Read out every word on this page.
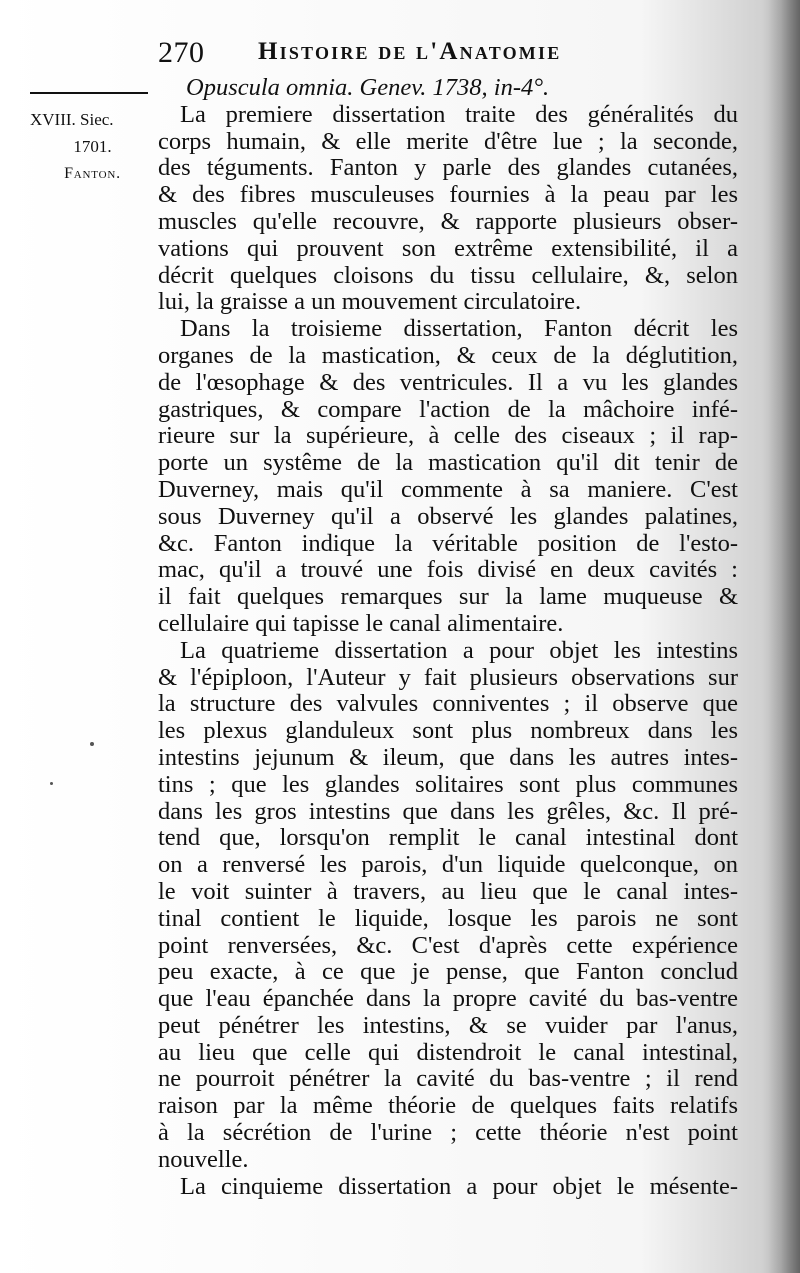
270 Histoire de l'Anatomie
XVIII. Siec.
1701.
Fanton.
Opuscula omnia. Genev. 1738, in-4°.
La premiere dissertation traite des généralités du
corps humain, & elle merite d'être lue ; la seconde,
des téguments. Fanton y parle des glandes cutanées,
& des fibres musculeuses fournies à la peau par les
muscles qu'elle recouvre, & rapporte plusieurs obser-
vations qui prouvent son extrême extensibilité, il a
décrit quelques cloisons du tissu cellulaire, &, selon
lui, la graisse a un mouvement circulatoire.
Dans la troisieme dissertation, Fanton décrit les
organes de la mastication, & ceux de la déglutition,
de l'œsophage & des ventricules. Il a vu les glandes
gastriques, & compare l'action de la mâchoire infé-
rieure sur la supérieure, à celle des ciseaux ; il rap-
porte un systême de la mastication qu'il dit tenir de
Duverney, mais qu'il commente à sa maniere. C'est
sous Duverney qu'il a observé les glandes palatines,
&c. Fanton indique la véritable position de l'esto-
mac, qu'il a trouvé une fois divisé en deux cavités :
il fait quelques remarques sur la lame muqueuse &
cellulaire qui tapisse le canal alimentaire.
La quatrieme dissertation a pour objet les intestins
& l'épiploon, l'Auteur y fait plusieurs observations sur
la structure des valvules conniventes ; il observe que
les plexus glanduleux sont plus nombreux dans les
intestins jejunum & ileum, que dans les autres intes-
tins ; que les glandes solitaires sont plus communes
dans les gros intestins que dans les grêles, &c. Il pré-
tend que, lorsqu'on remplit le canal intestinal dont
on a renversé les parois, d'un liquide quelconque, on
le voit suinter à travers, au lieu que le canal intes-
tinal contient le liquide, losque les parois ne sont
point renversées, &c. C'est d'après cette expérience
peu exacte, à ce que je pense, que Fanton conclud
que l'eau épanchée dans la propre cavité du bas-ventre
peut pénétrer les intestins, & se vuider par l'anus,
au lieu que celle qui distendroit le canal intestinal,
ne pourroit pénétrer la cavité du bas-ventre ; il rend
raison par la même théorie de quelques faits relatifs
à la sécrétion de l'urine ; cette théorie n'est point
nouvelle.
La cinquieme dissertation a pour objet le mésente-
